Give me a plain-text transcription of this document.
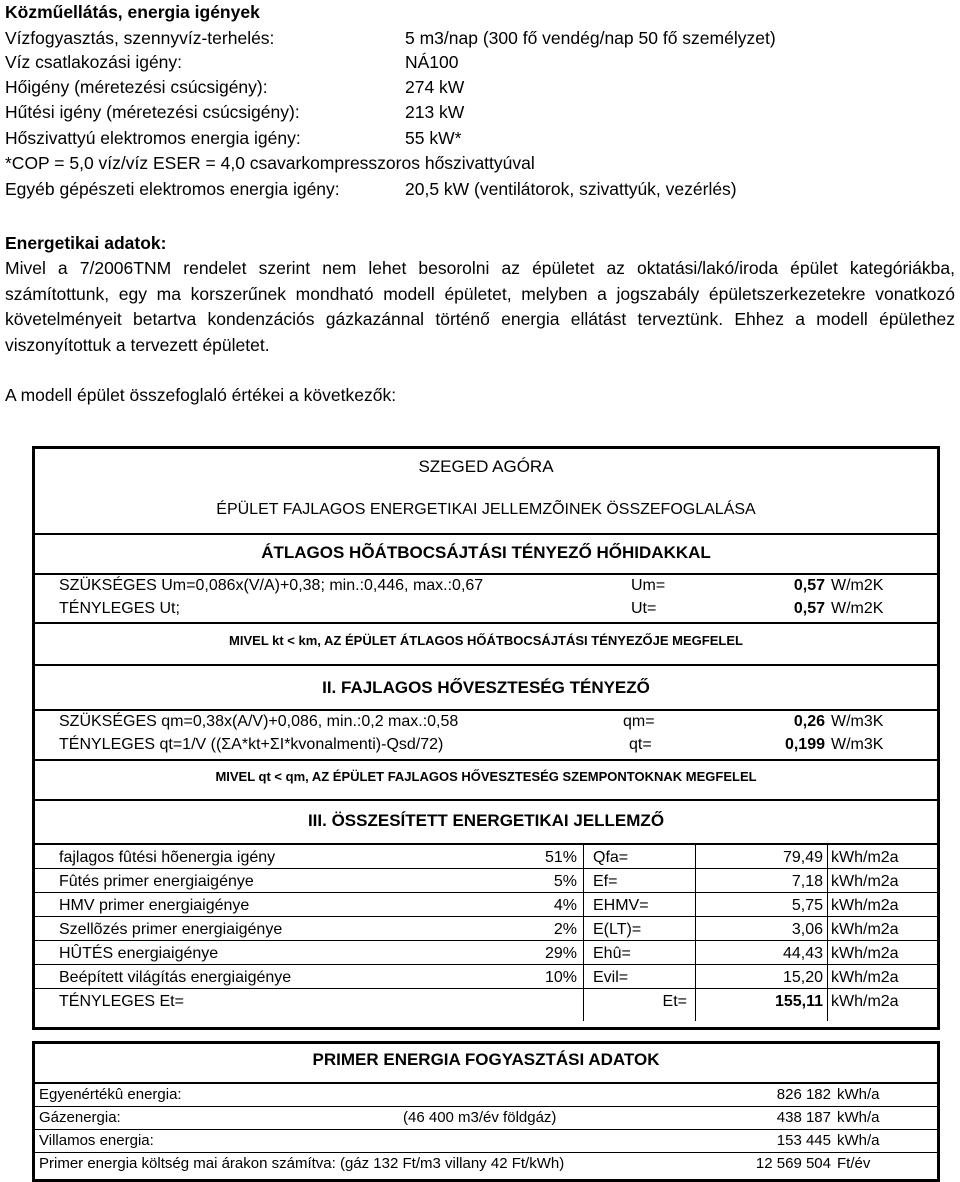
Közműellátás, energia igények
Vízfogyasztás, szennyvíz-terhelés:	5 m3/nap (300 fő vendég/nap 50 fő személyzet)
Víz csatlakozási igény:	NÁ100
Hőigény (méretezési csúcsigény):	274 kW
Hűtési igény (méretezési csúcsigény):	213 kW
Hőszivattyú elektromos energia igény:	55 kW*
*COP = 5,0 víz/víz ESER = 4,0 csavarkompresszoros hőszivattyúval
Egyéb gépészeti elektromos energia igény:	20,5 kW (ventilátorok, szivattyúk, vezérlés)
Energetikai adatok:
Mivel a 7/2006TNM rendelet szerint nem lehet besorolni az épületet az oktatási/lakó/iroda épület kategóriákba, számítottunk, egy ma korszerűnek mondható modell épületet, melyben a jogszabály épületszerkezetekre vonatkozó követelményeit betartva kondenzációs gázkazánnal történő energia ellátást terveztünk. Ehhez a modell épülethez viszonyítottuk a tervezett épületet.
A modell épület összefoglaló értékei a következők:
SZEGED AGÓRA
ÉPÜLET FAJLAGOS ENERGETIKAI JELLEMZÕINEK ÖSSZEFOGLALÁSA
ÁTLAGOS HÕÁTBOCSÁJTÁSI TÉNYEZŐ HŐHIDAKKAL
SZÜKSÉGES Um=0,086x(V/A)+0,38; min.:0,446, max.:0,67	Um=	0,57 W/m2K
TÉNYLEGES Ut;	Ut=	0,57 W/m2K
MIVEL kt < km, AZ ÉPÜLET ÁTLAGOS HŐÁTBOCSÁJTÁSI TÉNYEZŐJE MEGFELEL
II. FAJLAGOS HŐVESZTESÉG TÉNYEZŐ
SZÜKSÉGES qm=0,38x(A/V)+0,086, min.:0,2 max.:0,58	qm=	0,26 W/m3K
TÉNYLEGES qt=1/V ((ΣA*kt+ΣI*kvonalmenti)-Qsd/72)	qt=	0,199 W/m3K
MIVEL qt < qm, AZ ÉPÜLET FAJLAGOS HŐVESZTESÉG SZEMPONTOKNAK MEGFELEL
III. ÖSSZESÍTETT ENERGETIKAI JELLEMZŐ
fajlagos fûtési hõenergia igény	51% Qfa=	79,49 kWh/m2a
Fûtés primer energiaigénye	5% Ef=	7,18 kWh/m2a
HMV primer energiaigénye	4% EHMV=	5,75 kWh/m2a
Szellõzés primer energiaigénye	2% E(LT)=	3,06 kWh/m2a
HÛTÉS energiaigénye	29% Ehû=	44,43 kWh/m2a
Beépített világítás energiaigénye	10% Evil=	15,20 kWh/m2a
TÉNYLEGES Et=	Et=	155,11 kWh/m2a
PRIMER ENERGIA FOGYASZTÁSI ADATOK
Egyenértékû energia:	826 182 kWh/a
Gázenergia:	(46 400 m3/év földgáz)	438 187 kWh/a
Villamos energia:	153 445 kWh/a
Primer energia költség mai árakon számítva: (gáz 132 Ft/m3 villany 42 Ft/kWh)	12 569 504 Ft/év
